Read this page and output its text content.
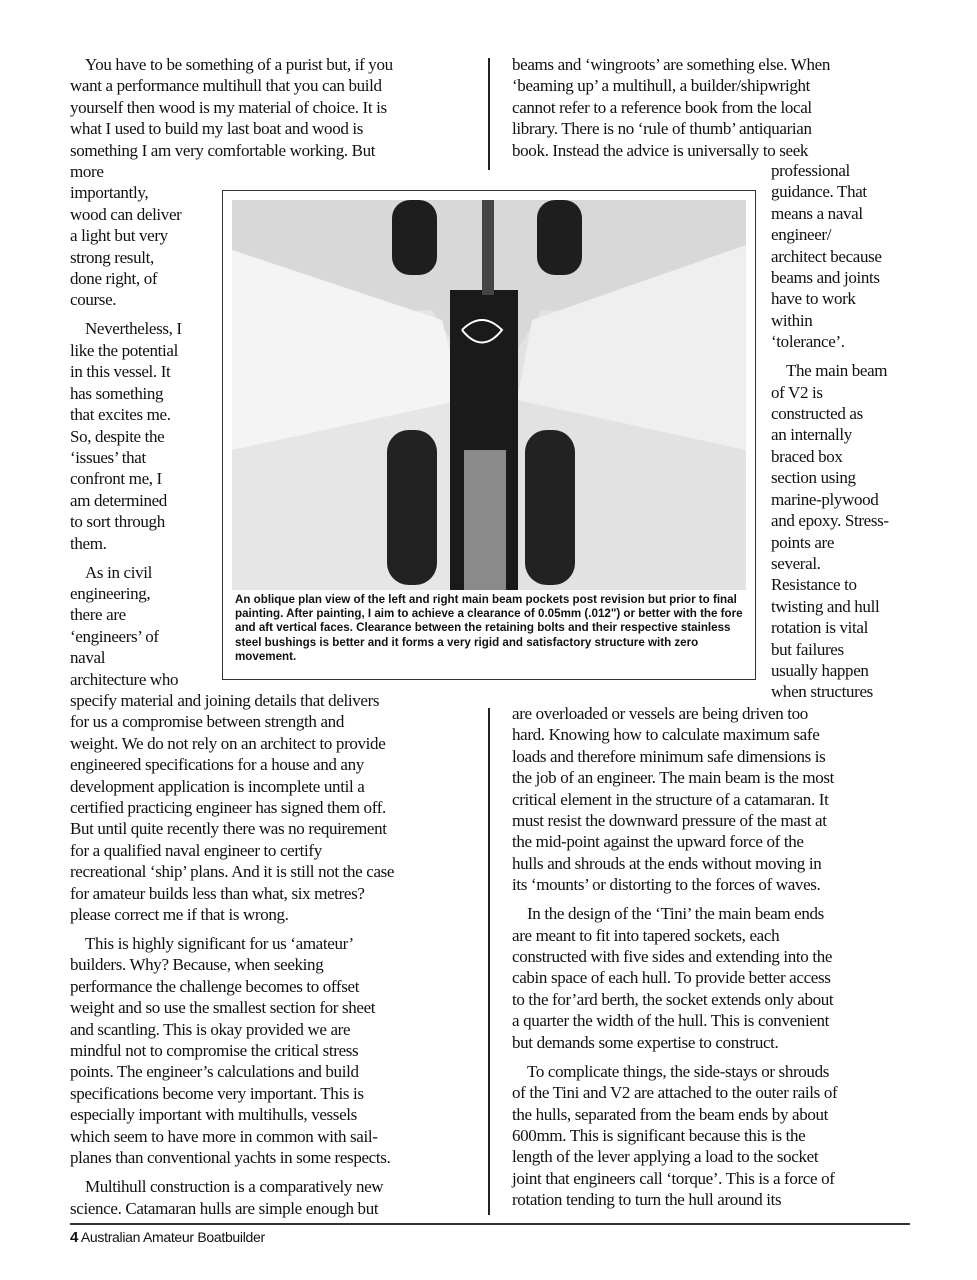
You have to be something of a purist but, if you
want a performance multihull that you can build
yourself then wood is my material of choice. It is
what I used to build my last boat and wood is
something I am very comfortable working. But
more
importantly,
wood can deliver
a light but very
strong result,
done right, of
course.
Nevertheless, I
like the potential
in this vessel. It
has something
that excites me.
So, despite the
‘issues’ that
confront me, I
am determined
to sort through
them.
As in civil
engineering,
there are
‘engineers’ of
naval
architecture who
specify material and joining details that delivers
for us a compromise between strength and
weight. We do not rely on an architect to provide
engineered specifications for a house and any
development application is incomplete until a
certified practicing engineer has signed them off.
But until quite recently there was no requirement
for a qualified naval engineer to certify
recreational ‘ship’ plans. And it is still not the case
for amateur builds less than what, six metres?
please correct me if that is wrong.
This is highly significant for us ‘amateur’
builders. Why? Because, when seeking
performance the challenge becomes to offset
weight and so use the smallest section for sheet
and scantling. This is okay provided we are
mindful not to compromise the critical stress
points. The engineer’s calculations and build
specifications become very important. This is
especially important with multihulls, vessels
which seem to have more in common with sail-
planes than conventional yachts in some respects.
Multihull construction is a comparatively new
science. Catamaran hulls are simple enough but
beams and ‘wingroots’ are something else. When
‘beaming up’ a multihull, a builder/shipwright
cannot refer to a reference book from the local
library. There is no ‘rule of thumb’ antiquarian
book. Instead the advice is universally to seek
professional
guidance. That
means a naval
engineer/
architect because
beams and joints
have to work
within
‘tolerance’.
The main beam
of V2 is
constructed as
an internally
braced box
section using
marine-plywood
and epoxy. Stress-
points are
several.
Resistance to
twisting and hull
rotation is vital
but failures
usually happen
when structures
are overloaded or vessels are being driven too
hard. Knowing how to calculate maximum safe
loads and therefore minimum safe dimensions is
the job of an engineer. The main beam is the most
critical element in the structure of a catamaran. It
must resist the downward pressure of the mast at
the mid-point against the upward force of the
hulls and shrouds at the ends without moving in
its ‘mounts’ or distorting to the forces of waves.
In the design of the ‘Tini’ the main beam ends
are meant to fit into tapered sockets, each
constructed with five sides and extending into the
cabin space of each hull. To provide better access
to the for’ard berth, the socket extends only about
a quarter the width of the hull. This is convenient
but demands some expertise to construct.
To complicate things, the side-stays or shrouds
of the Tini and V2 are attached to the outer rails of
the hulls, separated from the beam ends by about
600mm. This is significant because this is the
length of the lever applying a load to the socket
joint that engineers call ‘torque’. This is a force of
rotation tending to turn the hull around its
An oblique plan view of the left and right main beam pockets post revision but prior to final painting. After painting, I aim to achieve a clearance of 0.05mm (.012") or better with the fore and aft vertical faces. Clearance between the retaining bolts and their respective stainless steel bushings is better and it forms a very rigid and satisfactory structure with zero movement.
4 Australian Amateur Boatbuilder
